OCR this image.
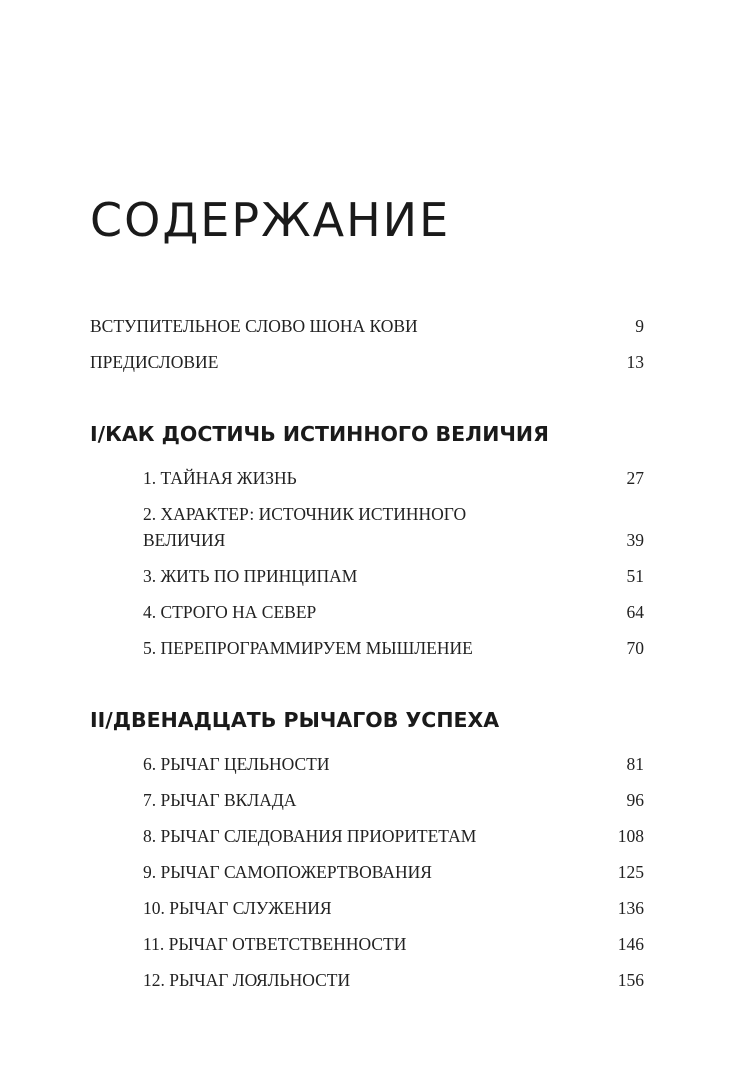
СОДЕРЖАНИЕ
ВСТУПИТЕЛЬНОЕ СЛОВО ШОНА КОВИ	9
ПРЕДИСЛОВИЕ	13
I/КАК ДОСТИЧЬ ИСТИННОГО ВЕЛИЧИЯ
1. ТАЙНАЯ ЖИЗНЬ	27
2. ХАРАКТЕР: ИСТОЧНИК ИСТИННОГО ВЕЛИЧИЯ	39
3. ЖИТЬ ПО ПРИНЦИПАМ	51
4. СТРОГО НА СЕВЕР	64
5. ПЕРЕПРОГРАММИРУЕМ МЫШЛЕНИЕ	70
II/ДВЕНАДЦАТЬ РЫЧАГОВ УСПЕХА
6. РЫЧАГ ЦЕЛЬНОСТИ	81
7. РЫЧАГ ВКЛАДА	96
8. РЫЧАГ СЛЕДОВАНИЯ ПРИОРИТЕТАМ	108
9. РЫЧАГ САМОПОЖЕРТВОВАНИЯ	125
10. РЫЧАГ СЛУЖЕНИЯ	136
11. РЫЧАГ ОТВЕТСТВЕННОСТИ	146
12. РЫЧАГ ЛОЯЛЬНОСТИ	156
